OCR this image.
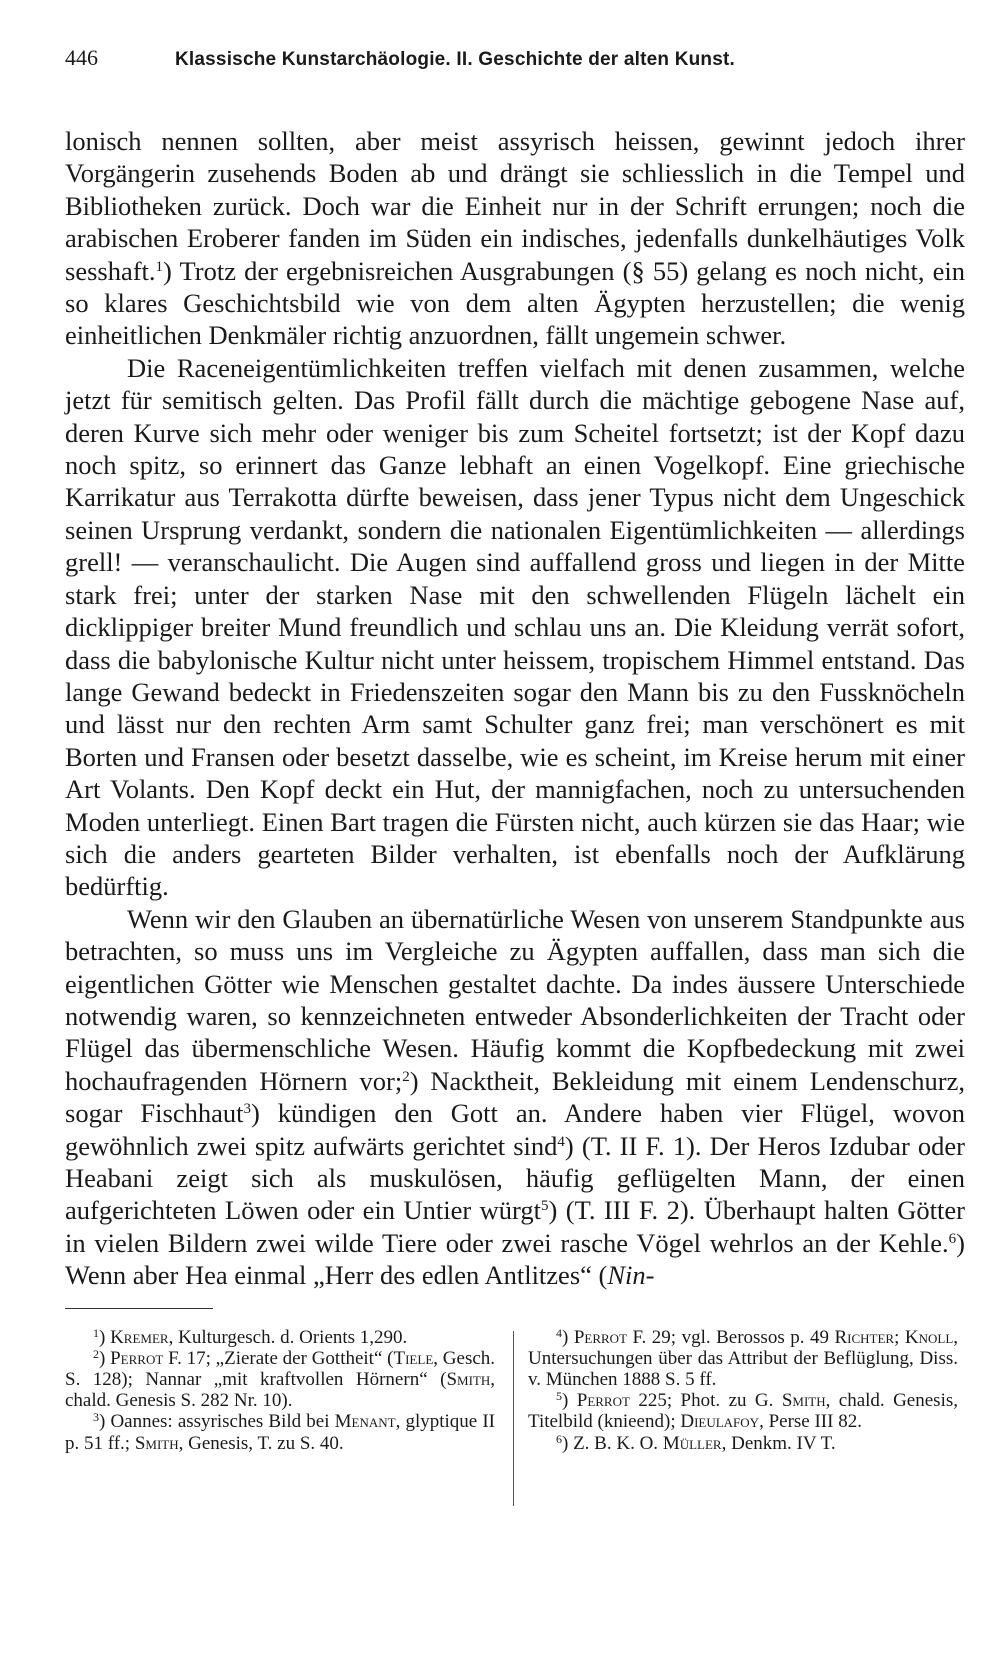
446	Klassische Kunstarchäologie. II. Geschichte der alten Kunst.

lonisch nennen sollten, aber meist assyrisch heissen, gewinnt jedoch ihrer Vorgängerin zusehends Boden ab und drängt sie schliesslich in die Tempel und Bibliotheken zurück. Doch war die Einheit nur in der Schrift errungen; noch die arabischen Eroberer fanden im Süden ein indisches, jedenfalls dunkelhäutiges Volk sesshaft.$^1$) Trotz der ergebnisreichen Ausgrabungen (§ 55) gelang es noch nicht, ein so klares Geschichtsbild wie von dem alten Ägypten herzustellen; die wenig einheitlichen Denkmäler richtig anzuordnen, fällt ungemein schwer.

Die Raceneigentümlichkeiten treffen vielfach mit denen zusammen, welche jetzt für semitisch gelten. Das Profil fällt durch die mächtige gebogene Nase auf, deren Kurve sich mehr oder weniger bis zum Scheitel fortsetzt; ist der Kopf dazu noch spitz, so erinnert das Ganze lebhaft an einen Vogelkopf. Eine griechische Karrikatur aus Terrakotta dürfte beweisen, dass jener Typus nicht dem Ungeschick seinen Ursprung verdankt, sondern die nationalen Eigentümlichkeiten — allerdings grell! — veranschaulicht. Die Augen sind auffallend gross und liegen in der Mitte stark frei; unter der starken Nase mit den schwellenden Flügeln lächelt ein dicklippiger breiter Mund freundlich und schlau uns an. Die Kleidung verrät sofort, dass die babylonische Kultur nicht unter heissem, tropischem Himmel entstand. Das lange Gewand bedeckt in Friedenszeiten sogar den Mann bis zu den Fussknöcheln und lässt nur den rechten Arm samt Schulter ganz frei; man verschönert es mit Borten und Fransen oder besetzt dasselbe, wie es scheint, im Kreise herum mit einer Art Volants. Den Kopf deckt ein Hut, der mannigfachen, noch zu untersuchenden Moden unterliegt. Einen Bart tragen die Fürsten nicht, auch kürzen sie das Haar; wie sich die anders gearteten Bilder verhalten, ist ebenfalls noch der Aufklärung bedürftig.

Wenn wir den Glauben an übernatürliche Wesen von unserem Standpunkte aus betrachten, so muss uns im Vergleiche zu Ägypten auffallen, dass man sich die eigentlichen Götter wie Menschen gestaltet dachte. Da indes äussere Unterschiede notwendig waren, so kennzeichneten entweder Absonderlichkeiten der Tracht oder Flügel das übermenschliche Wesen. Häufig kommt die Kopfbedeckung mit zwei hochaufragenden Hörnern vor;$^2$) Nacktheit, Bekleidung mit einem Lendenschurz, sogar Fischhaut$^3$) kündigen den Gott an. Andere haben vier Flügel, wovon gewöhnlich zwei spitz aufwärts gerichtet sind$^4$) (T. II F. 1). Der Heros Izdubar oder Heabani zeigt sich als muskulösen, häufig geflügelten Mann, der einen aufgerichteten Löwen oder ein Untier würgt$^5$) (T. III F. 2). Überhaupt halten Götter in vielen Bildern zwei wilde Tiere oder zwei rasche Vögel wehrlos an der Kehle.$^6$) Wenn aber Hea einmal „Herr des edlen Antlitzes“ (Nin-

$^1$) Kremer, Kulturgesch. d. Orients 1,290.

$^2$) Perrot F. 17; „Zierate der Gottheit“ (Tiele, Gesch. S. 128); Nannar „mit kraftvollen Hörnern“ (Smith, chald. Genesis S. 282 Nr. 10).

$^3$) Oannes: assyrisches Bild bei Menant, glyptique II p. 51 ff.; Smith, Genesis, T. zu S. 40.

$^4$) Perrot F. 29; vgl. Berossos p. 49 Richter; Knoll, Untersuchungen über das Attribut der Beflüglung, Diss. v. München 1888 S. 5 ff.

$^5$) Perrot 225; Phot. zu G. Smith, chald. Genesis, Titelbild (knieend); Dieulafoy, Perse III 82.

$^6$) Z. B. K. O. Müller, Denkm. IV T.
